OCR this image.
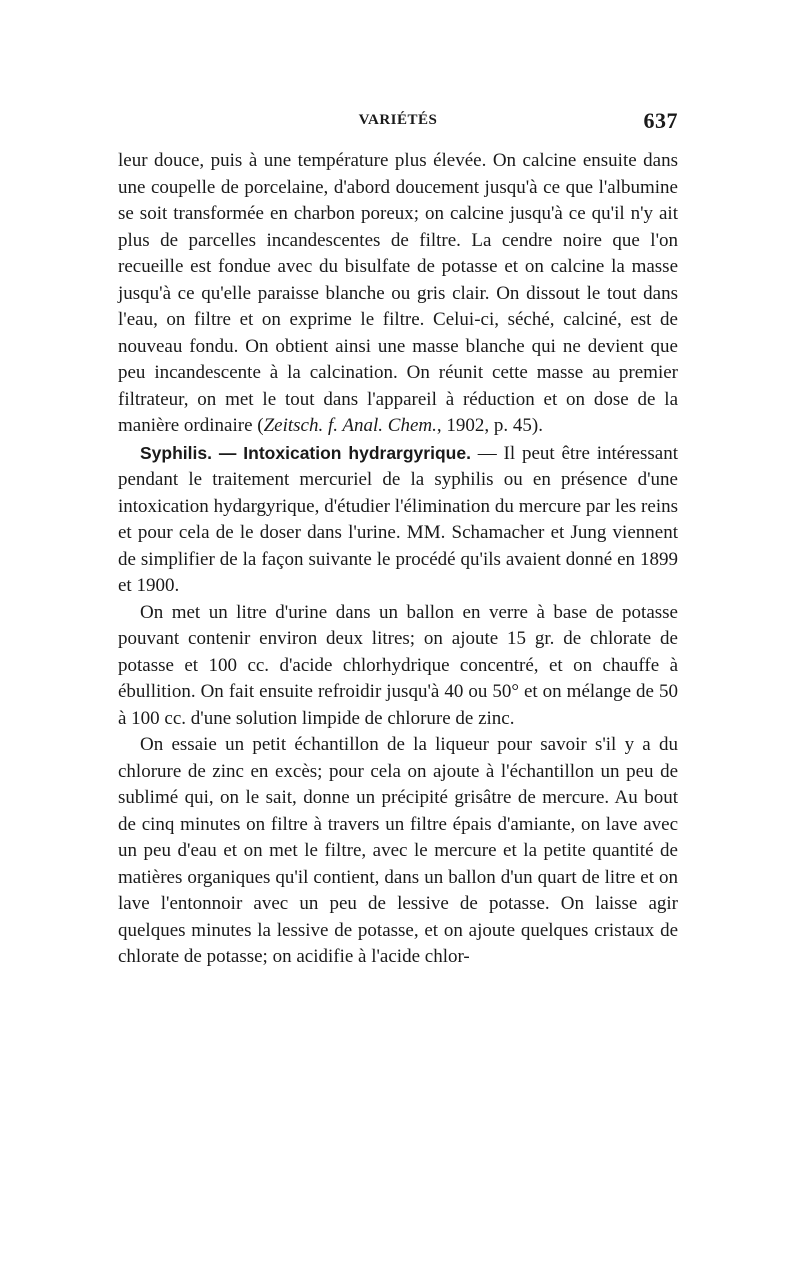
VARIÉTÉS	637

leur douce, puis à une température plus élevée. On calcine ensuite dans une coupelle de porcelaine, d'abord doucement jusqu'à ce que l'albumine se soit transformée en charbon poreux; on calcine jusqu'à ce qu'il n'y ait plus de parcelles incandescentes de filtre. La cendre noire que l'on recueille est fondue avec du bisulfate de potasse et on calcine la masse jusqu'à ce qu'elle paraisse blanche ou gris clair. On dissout le tout dans l'eau, on filtre et on exprime le filtre. Celui-ci, séché, calciné, est de nouveau fondu. On obtient ainsi une masse blanche qui ne devient que peu incandescente à la calcination. On réunit cette masse au premier filtrateur, on met le tout dans l'appareil à réduction et on dose de la manière ordinaire (Zeitsch. f. Anal. Chem., 1902, p. 45).

Syphilis. — Intoxication hydrargyrique. — Il peut être intéressant pendant le traitement mercuriel de la syphilis ou en présence d'une intoxication hydargyrique, d'étudier l'élimination du mercure par les reins et pour cela de le doser dans l'urine. MM. Schamacher et Jung viennent de simplifier de la façon suivante le procédé qu'ils avaient donné en 1899 et 1900.

On met un litre d'urine dans un ballon en verre à base de potasse pouvant contenir environ deux litres; on ajoute 15 gr. de chlorate de potasse et 100 cc. d'acide chlorhydrique concentré, et on chauffe à ébullition. On fait ensuite refroidir jusqu'à 40 ou 50° et on mélange de 50 à 100 cc. d'une solution limpide de chlorure de zinc.

On essaie un petit échantillon de la liqueur pour savoir s'il y a du chlorure de zinc en excès; pour cela on ajoute à l'échantillon un peu de sublimé qui, on le sait, donne un précipité grisâtre de mercure. Au bout de cinq minutes on filtre à travers un filtre épais d'amiante, on lave avec un peu d'eau et on met le filtre, avec le mercure et la petite quantité de matières organiques qu'il contient, dans un ballon d'un quart de litre et on lave l'entonnoir avec un peu de lessive de potasse. On laisse agir quelques minutes la lessive de potasse, et on ajoute quelques cristaux de chlorate de potasse; on acidifie à l'acide chlor-
